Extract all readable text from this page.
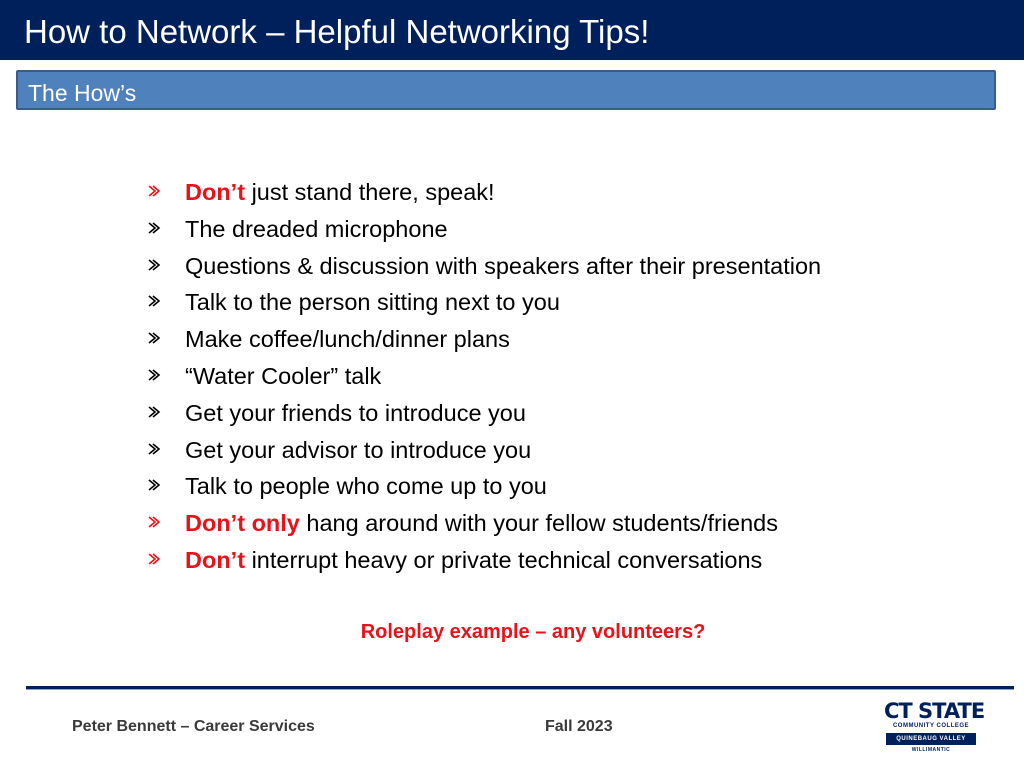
How to Network – Helpful Networking Tips!
The How’s
Don’t just stand there, speak!
The dreaded microphone
Questions & discussion with speakers after their presentation
Talk to the person sitting next to you
Make coffee/lunch/dinner plans
“Water Cooler” talk
Get your friends to introduce you
Get your advisor to introduce you
Talk to people who come up to you
Don’t only hang around with your fellow students/friends
Don’t interrupt heavy or private technical conversations
Roleplay example – any volunteers?
Peter Bennett – Career Services	Fall 2023
CT STATE
COMMUNITY COLLEGE
QUINEBAUG VALLEY
WILLIMANTIC
